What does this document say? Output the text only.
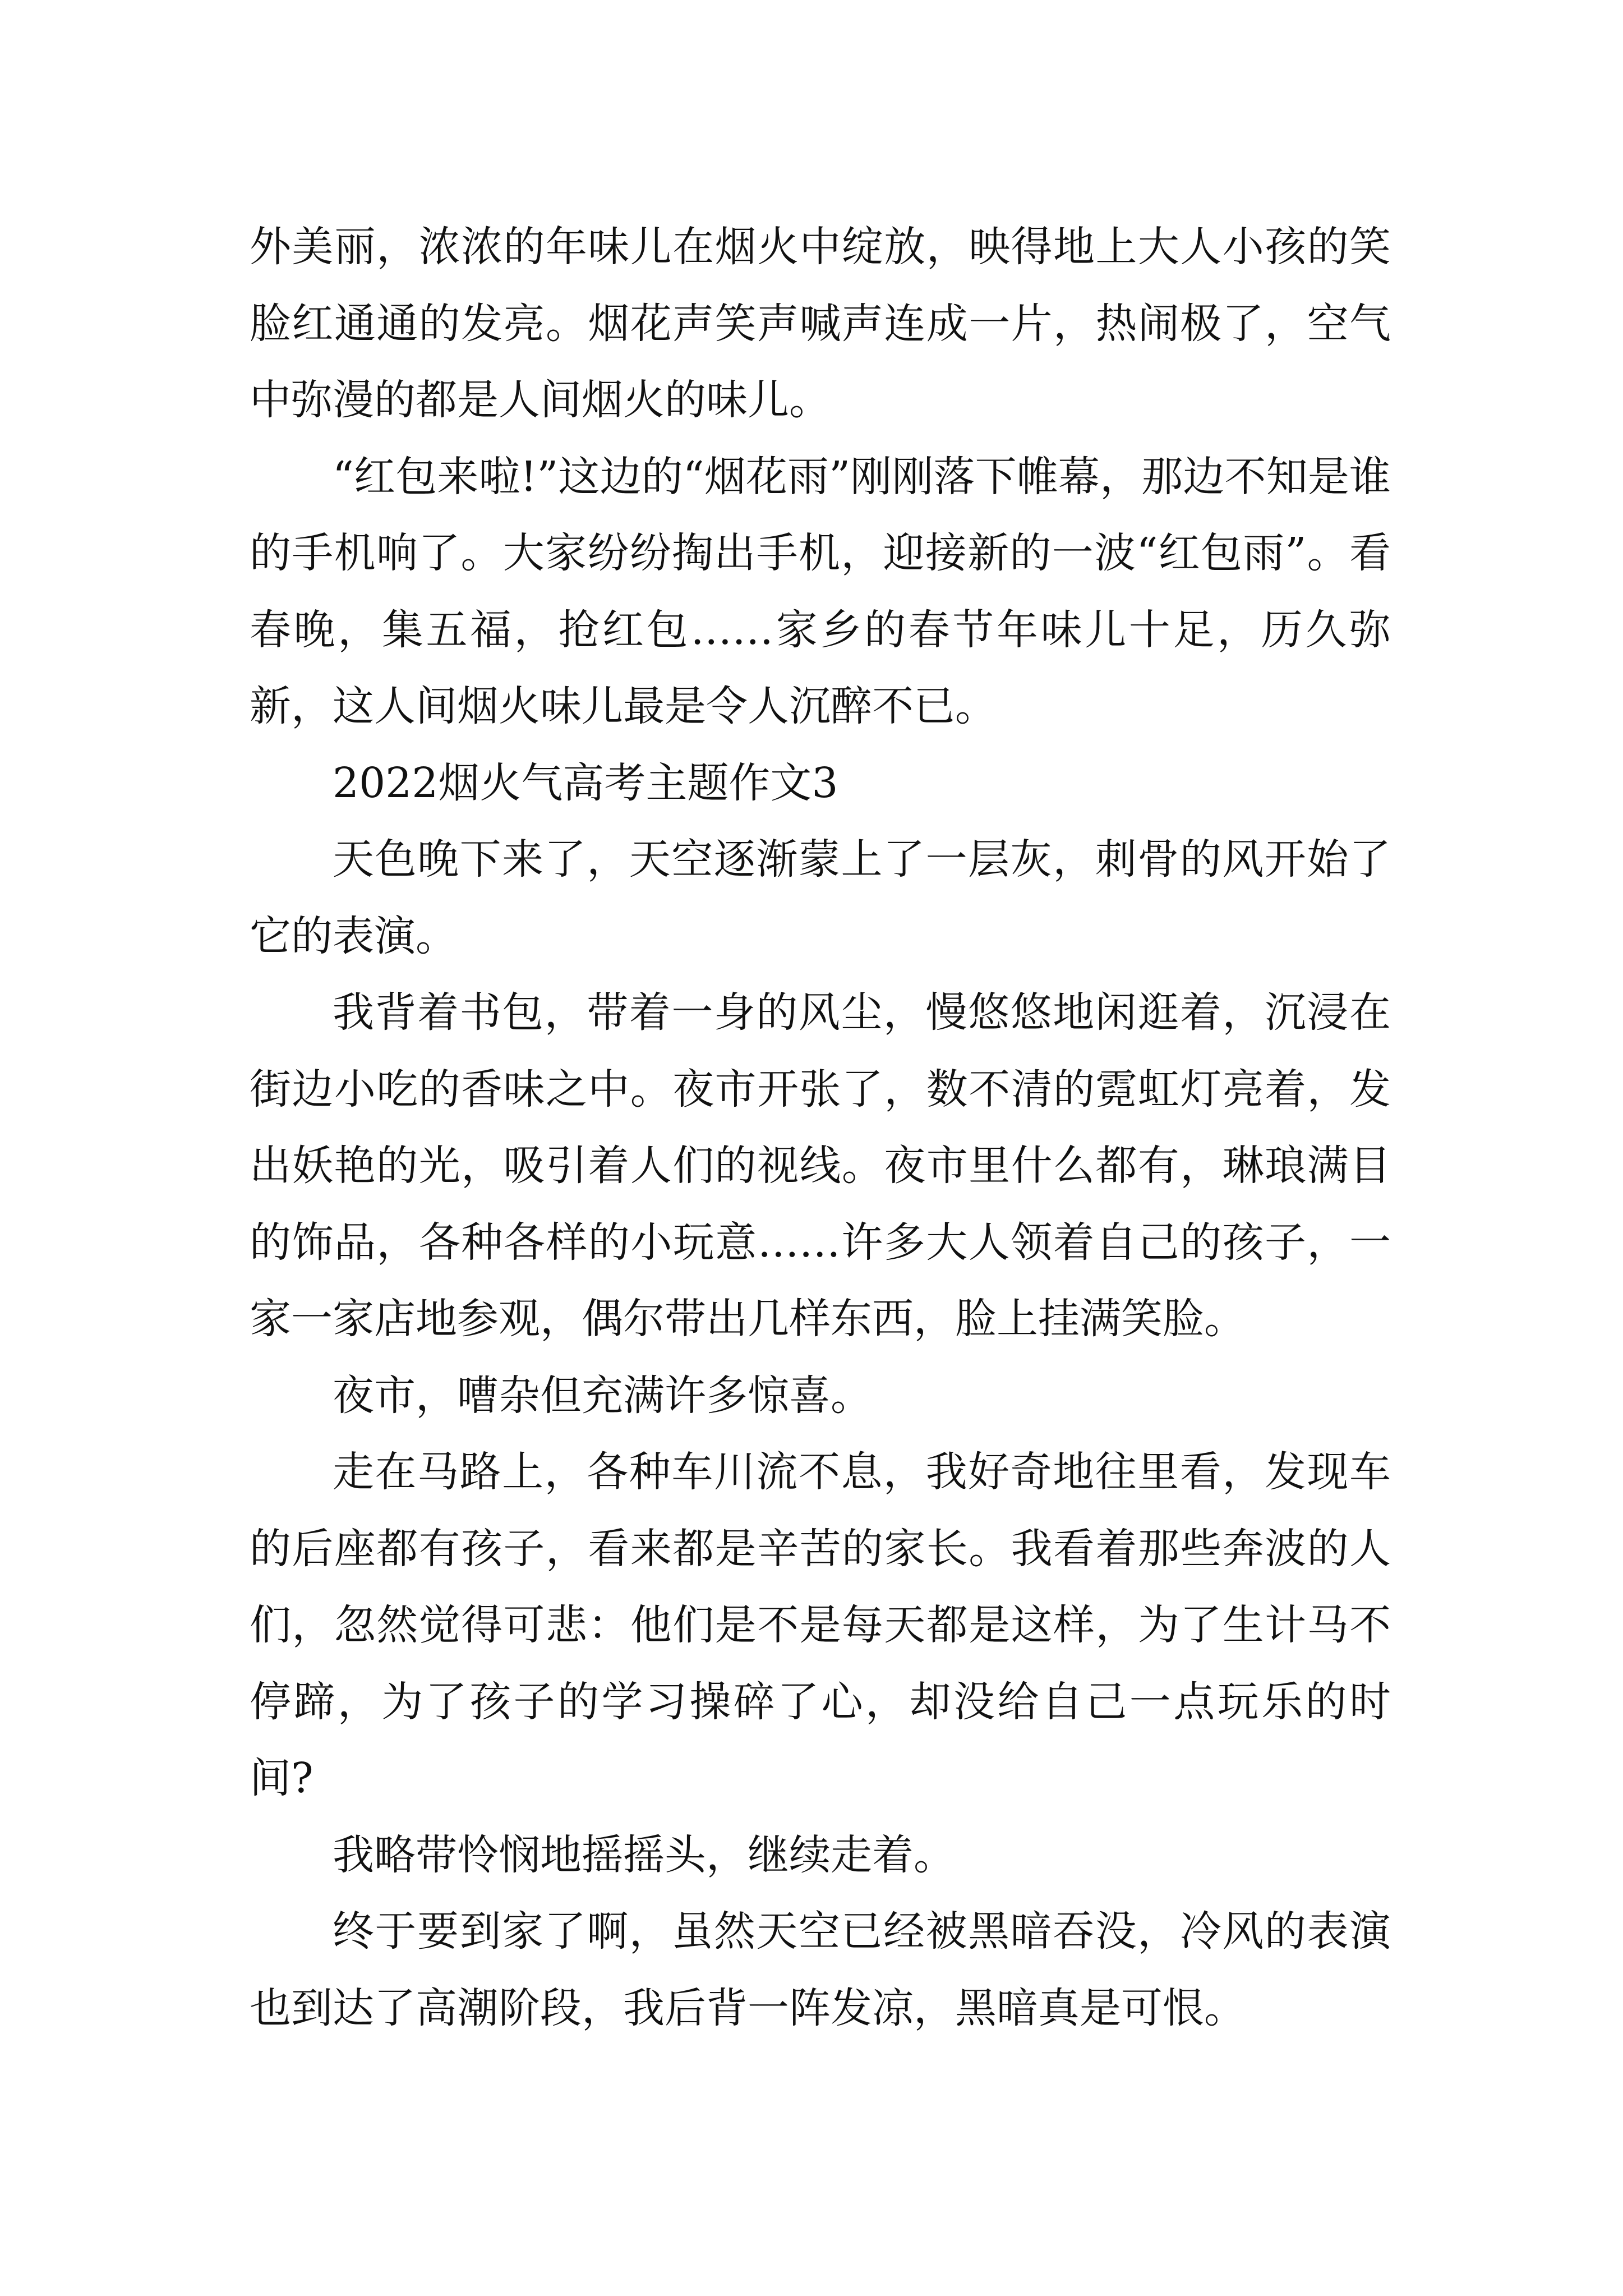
外美丽，浓浓的年味儿在烟火中绽放，映得地上大人小孩的笑脸红通通的发亮。烟花声笑声喊声连成一片，热闹极了，空气中弥漫的都是人间烟火的味儿。

“红包来啦!”这边的“烟花雨”刚刚落下帷幕，那边不知是谁的手机响了。大家纷纷掏出手机，迎接新的一波“红包雨”。看春晚，集五福，抢红包……家乡的春节年味儿十足，历久弥新，这人间烟火味儿最是令人沉醉不已。

2022烟火气高考主题作文3

天色晚下来了，天空逐渐蒙上了一层灰，刺骨的风开始了它的表演。

我背着书包，带着一身的风尘，慢悠悠地闲逛着，沉浸在街边小吃的香味之中。夜市开张了，数不清的霓虹灯亮着，发出妖艳的光，吸引着人们的视线。夜市里什么都有，琳琅满目的饰品，各种各样的小玩意……许多大人领着自己的孩子，一家一家店地参观，偶尔带出几样东西，脸上挂满笑脸。

夜市，嘈杂但充满许多惊喜。

走在马路上，各种车川流不息，我好奇地往里看，发现车的后座都有孩子，看来都是辛苦的家长。我看着那些奔波的人们，忽然觉得可悲：他们是不是每天都是这样，为了生计马不停蹄，为了孩子的学习操碎了心，却没给自己一点玩乐的时间?

我略带怜悯地摇摇头，继续走着。

终于要到家了啊，虽然天空已经被黑暗吞没，冷风的表演也到达了高潮阶段，我后背一阵发凉，黑暗真是可恨。
